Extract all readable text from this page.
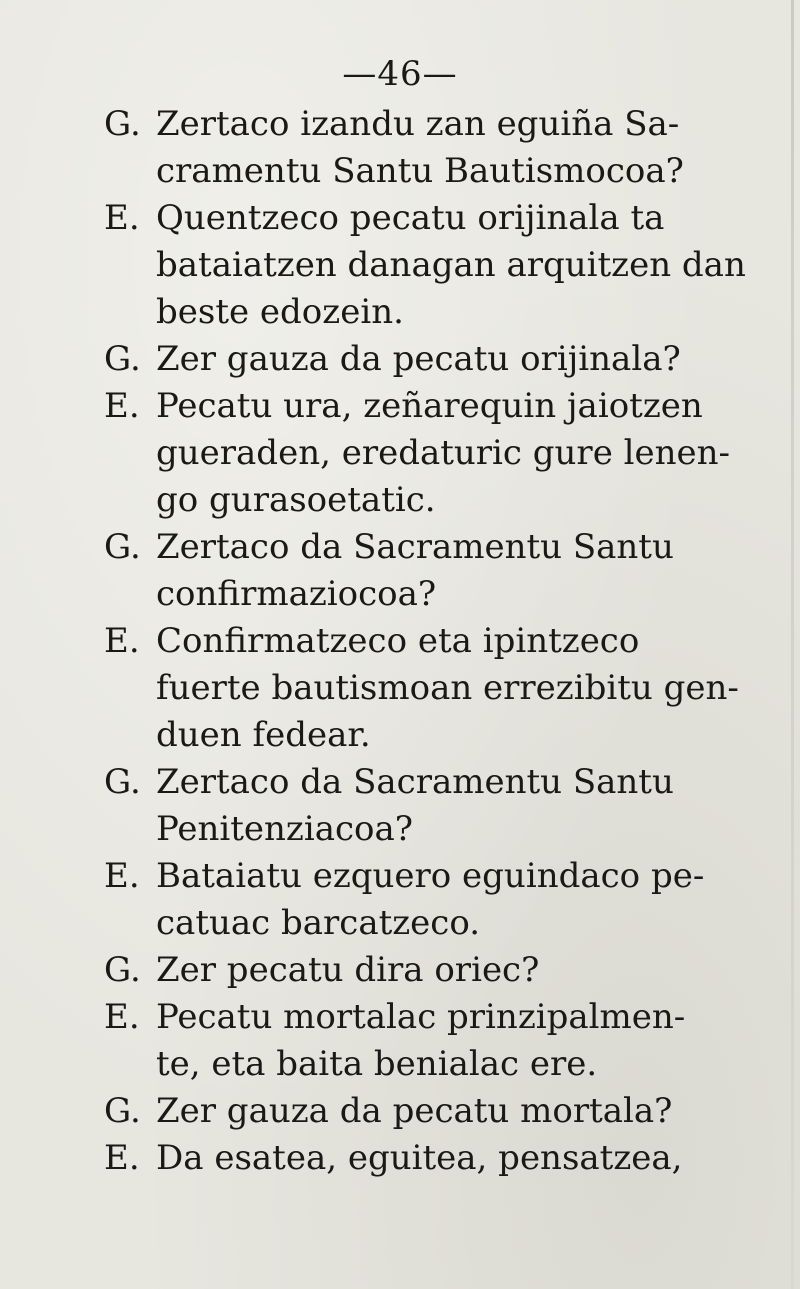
—46—
G. Zertaco izandu zan eguiña Sa-
cramentu Santu Bautismocoa?
E. Quentzeco pecatu orijinala ta
bataiatzen danagan arquitzen dan
beste edozein.
G. Zer gauza da pecatu orijinala?
E. Pecatu ura, zeñarequin jaiotzen
gueraden, eredaturic gure lenen-
go gurasoetatic.
G. Zertaco da Sacramentu Santu
confirmaziocoa?
E. Confirmatzeco eta ipintzeco
fuerte bautismoan errezibitu gen-
duen fedear.
G. Zertaco da Sacramentu Santu
Penitenziacoa?
E. Bataiatu ezquero eguindaco pe-
catuac barcatzeco.
G. Zer pecatu dira oriec?
E. Pecatu mortalac prinzipalmen-
te, eta baita benialac ere.
G. Zer gauza da pecatu mortala?
E. Da esatea, eguitea, pensatzea,
